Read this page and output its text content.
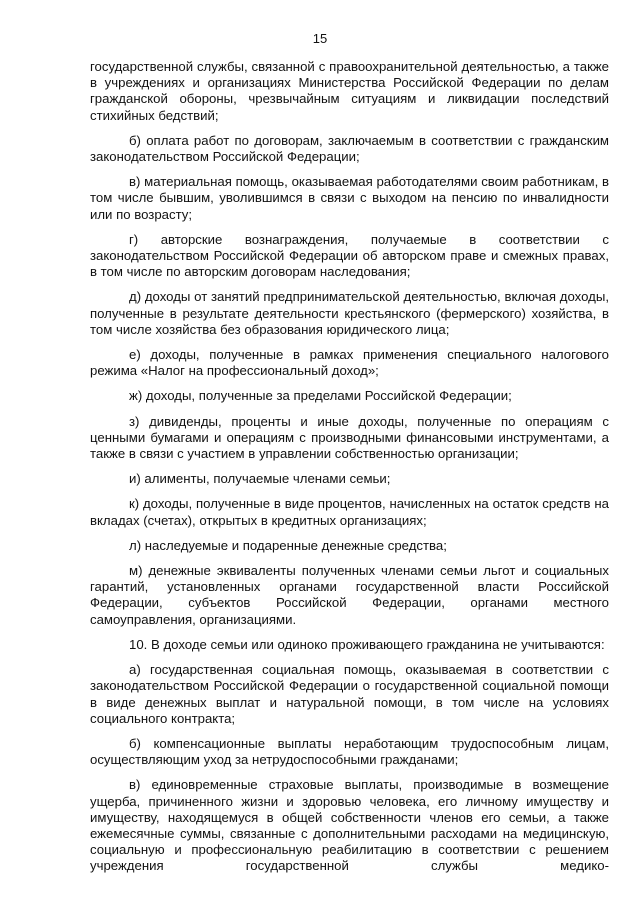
15

государственной службы, связанной с правоохранительной деятельностью, а также в учреждениях и организациях Министерства Российской Федерации по делам гражданской обороны, чрезвычайным ситуациям и ликвидации последствий стихийных бедствий;

б) оплата работ по договорам, заключаемым в соответствии с гражданским законодательством Российской Федерации;

в) материальная помощь, оказываемая работодателями своим работникам, в том числе бывшим, уволившимся в связи с выходом на пенсию по инвалидности или по возрасту;

г) авторские вознаграждения, получаемые в соответствии с законодательством Российской Федерации об авторском праве и смежных правах, в том числе по авторским договорам наследования;

д) доходы от занятий предпринимательской деятельностью, включая доходы, полученные в результате деятельности крестьянского (фермерского) хозяйства, в том числе хозяйства без образования юридического лица;

е) доходы, полученные в рамках применения специального налогового режима «Налог на профессиональный доход»;

ж) доходы, полученные за пределами Российской Федерации;

з) дивиденды, проценты и иные доходы, полученные по операциям с ценными бумагами и операциям с производными финансовыми инструментами, а также в связи с участием в управлении собственностью организации;

и) алименты, получаемые членами семьи;

к) доходы, полученные в виде процентов, начисленных на остаток средств на вкладах (счетах), открытых в кредитных организациях;

л) наследуемые и подаренные денежные средства;

м) денежные эквиваленты полученных членами семьи льгот и социальных гарантий, установленных органами государственной власти Российской Федерации, субъектов Российской Федерации, органами местного самоуправления, организациями.

10. В доходе семьи или одиноко проживающего гражданина не учитываются:

а) государственная социальная помощь, оказываемая в соответствии с законодательством Российской Федерации о государственной социальной помощи в виде денежных выплат и натуральной помощи, в том числе на условиях социального контракта;

б) компенсационные выплаты неработающим трудоспособным лицам, осуществляющим уход за нетрудоспособными гражданами;

в) единовременные страховые выплаты, производимые в возмещение ущерба, причиненного жизни и здоровью человека, его личному имуществу и имуществу, находящемуся в общей собственности членов его семьи, а также ежемесячные суммы, связанные с дополнительными расходами на медицинскую, социальную и профессиональную реабилитацию в соответствии с решением учреждения государственной службы медико-
